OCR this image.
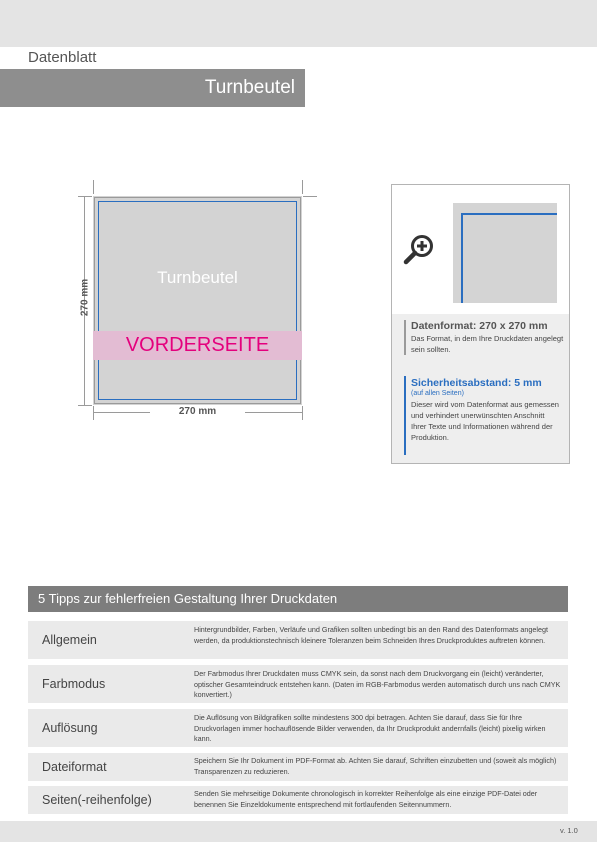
Datenblatt
Turnbeutel
Turnbeutel
VORDERSEITE
270 mm
270 mm
Datenformat: 270 x 270 mm
Das Format, in dem Ihre Druckdaten angelegt sein sollten.
Sicherheitsabstand: 5 mm
(auf allen Seiten)
Dieser wird vom Datenformat aus gemessen und verhindert unerwünschten Anschnitt Ihrer Texte und Informationen während der Produktion.
5 Tipps zur fehlerfreien Gestaltung Ihrer Druckdaten
Allgemein
Hintergrundbilder, Farben, Verläufe und Grafiken sollten unbedingt bis an den Rand des Datenformats angelegt werden, da produktionstechnisch kleinere Toleranzen beim Schneiden Ihres Druckproduktes auftreten können.
Farbmodus
Der Farbmodus Ihrer Druckdaten muss CMYK sein, da sonst nach dem Druckvorgang ein (leicht) veränderter, optischer Gesamteindruck entstehen kann. (Daten im RGB-Farbmodus werden automatisch durch uns nach CMYK konvertiert.)
Auflösung
Die Auflösung von Bildgrafiken sollte mindestens 300 dpi betragen. Achten Sie darauf, dass Sie für Ihre Druckvorlagen immer hochauflösende Bilder verwenden, da Ihr Druckprodukt andernfalls (leicht) pixelig wirken kann.
Dateiformat	Speichern Sie Ihr Dokument im PDF-Format ab. Achten Sie darauf, Schriften einzubetten und (soweit als möglich) Transparenzen zu reduzieren.
Seiten(-reihenfolge)	Senden Sie mehrseitige Dokumente chronologisch in korrekter Reihenfolge als eine einzige PDF-Datei oder benennen Sie Einzeldokumente entsprechend mit fortlaufenden Seitennummern.
v. 1.0
